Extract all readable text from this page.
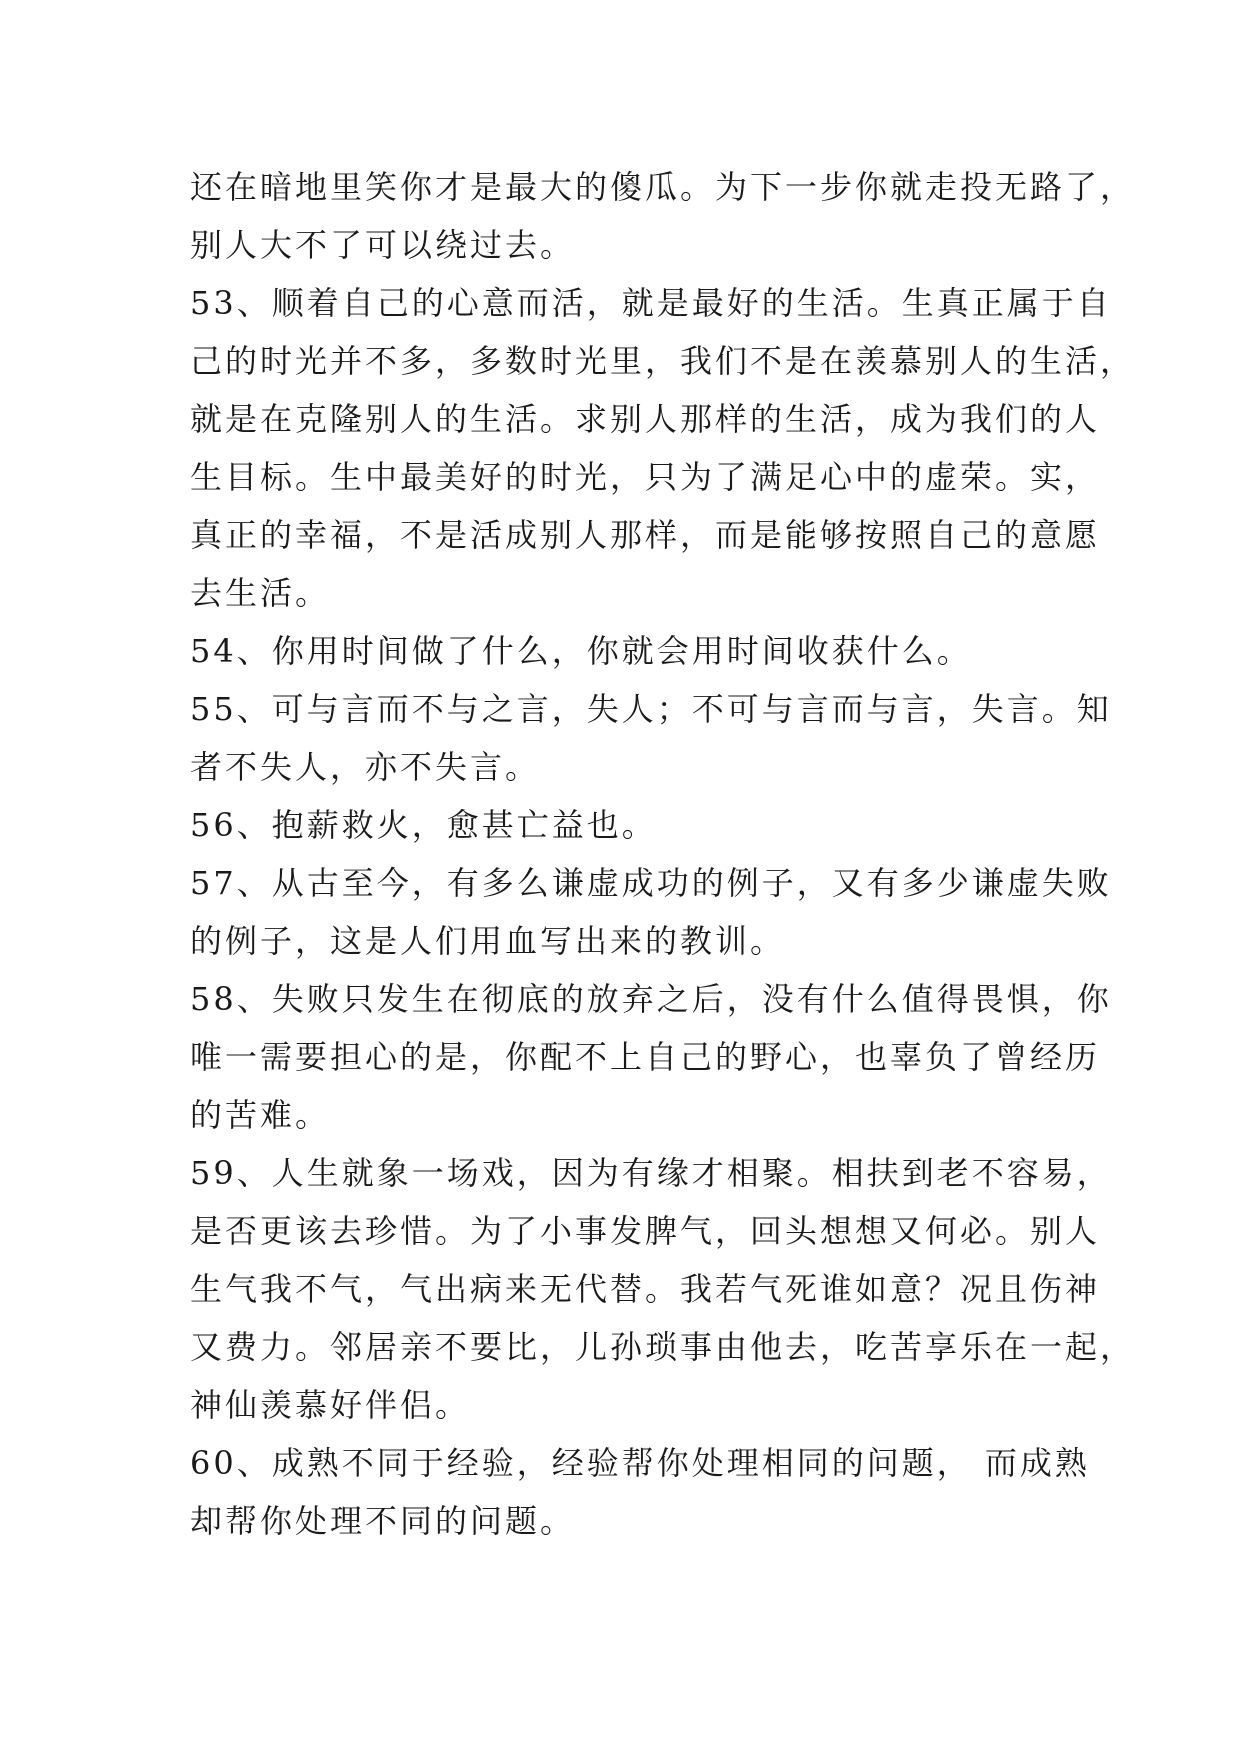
还在暗地里笑你才是最大的傻瓜。为下一步你就走投无路了，
别人大不了可以绕过去。
53、顺着自己的心意而活，就是最好的生活。生真正属于自
己的时光并不多，多数时光里，我们不是在羡慕别人的生活，
就是在克隆别人的生活。求别人那样的生活，成为我们的人
生目标。生中最美好的时光，只为了满足心中的虚荣。实，
真正的幸福，不是活成别人那样，而是能够按照自己的意愿
去生活。
54、你用时间做了什么，你就会用时间收获什么。
55、可与言而不与之言，失人；不可与言而与言，失言。知
者不失人，亦不失言。
56、抱薪救火，愈甚亡益也。
57、从古至今，有多么谦虚成功的例子，又有多少谦虚失败
的例子，这是人们用血写出来的教训。
58、失败只发生在彻底的放弃之后，没有什么值得畏惧，你
唯一需要担心的是，你配不上自己的野心，也辜负了曾经历
的苦难。
59、人生就象一场戏，因为有缘才相聚。相扶到老不容易，
是否更该去珍惜。为了小事发脾气，回头想想又何必。别人
生气我不气，气出病来无代替。我若气死谁如意？况且伤神
又费力。邻居亲不要比，儿孙琐事由他去，吃苦享乐在一起，
神仙羡慕好伴侣。
60、成熟不同于经验，经验帮你处理相同的问题， 而成熟
却帮你处理不同的问题。
